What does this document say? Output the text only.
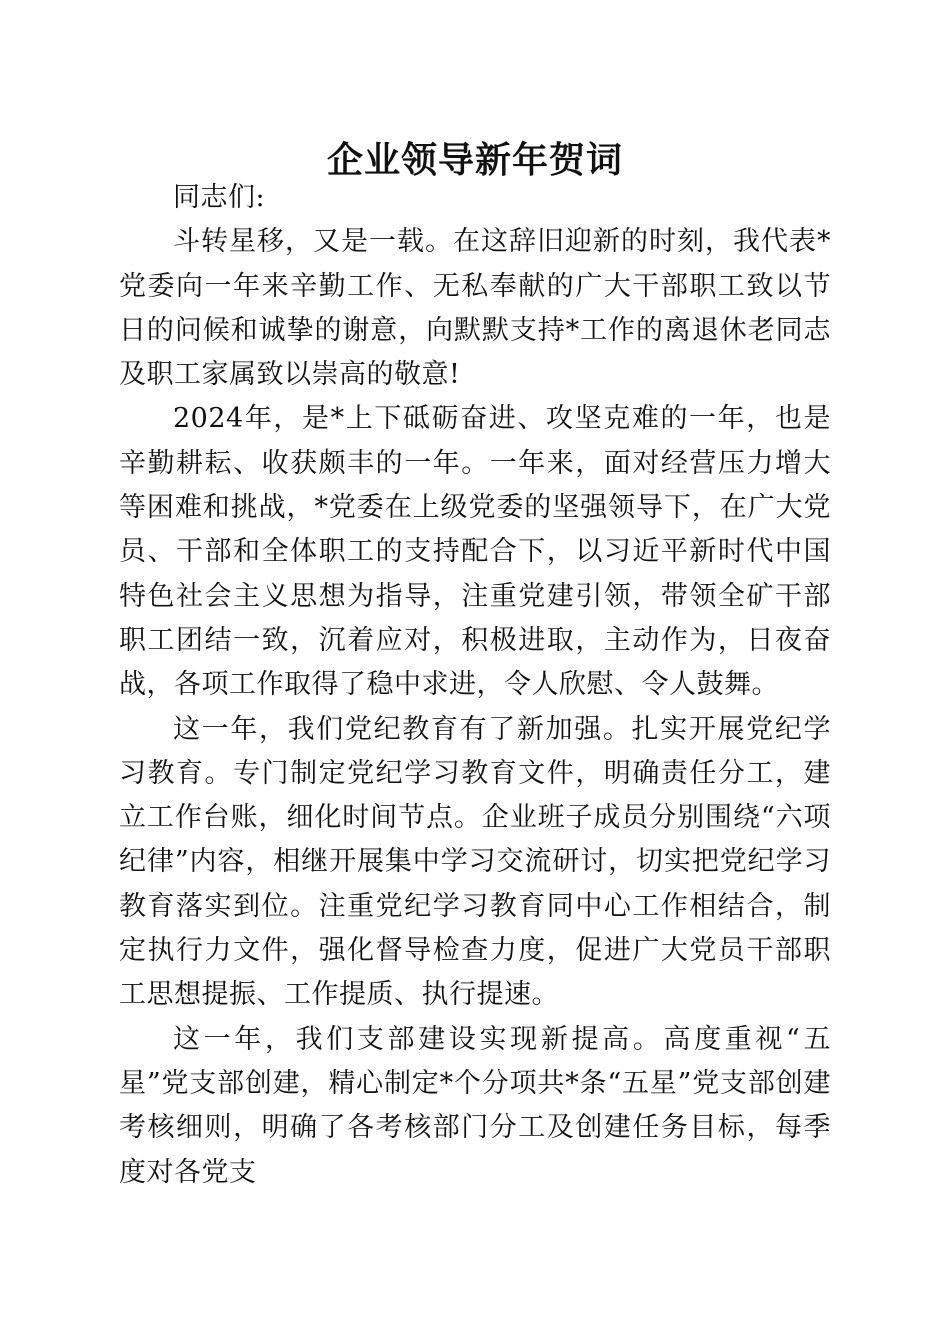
企业领导新年贺词

同志们:

斗转星移，又是一载。在这辞旧迎新的时刻，我代表*党委向一年来辛勤工作、无私奉献的广大干部职工致以节日的问候和诚挚的谢意，向默默支持*工作的离退休老同志及职工家属致以崇高的敬意!

2024年，是*上下砥砺奋进、攻坚克难的一年，也是辛勤耕耘、收获颇丰的一年。一年来，面对经营压力增大等困难和挑战，*党委在上级党委的坚强领导下，在广大党员、干部和全体职工的支持配合下，以习近平新时代中国特色社会主义思想为指导，注重党建引领，带领全矿干部职工团结一致，沉着应对，积极进取，主动作为，日夜奋战，各项工作取得了稳中求进，令人欣慰、令人鼓舞。

这一年，我们党纪教育有了新加强。扎实开展党纪学习教育。专门制定党纪学习教育文件，明确责任分工，建立工作台账，细化时间节点。企业班子成员分别围绕“六项纪律”内容，相继开展集中学习交流研讨，切实把党纪学习教育落实到位。注重党纪学习教育同中心工作相结合，制定执行力文件，强化督导检查力度，促进广大党员干部职工思想提振、工作提质、执行提速。

这一年，我们支部建设实现新提高。高度重视“五星”党支部创建，精心制定*个分项共*条“五星”党支部创建考核细则，明确了各考核部门分工及创建任务目标，每季度对各党支
